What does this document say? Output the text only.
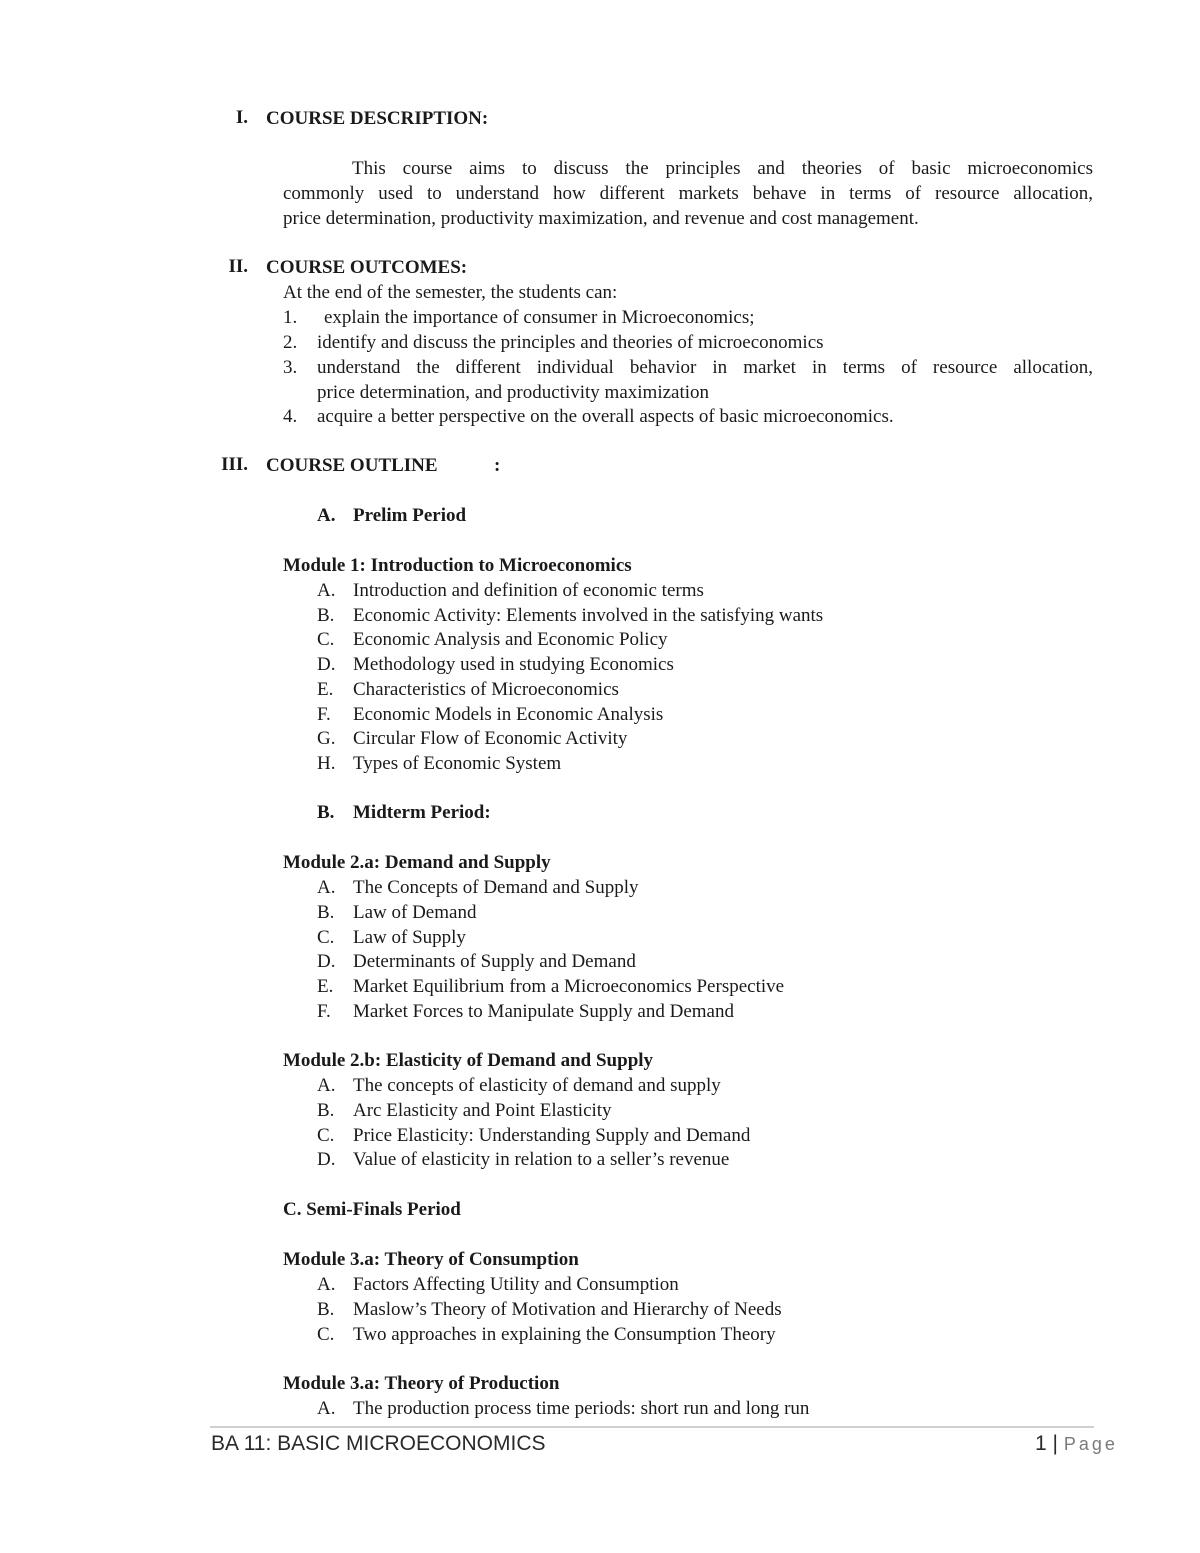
I. COURSE DESCRIPTION:
This course aims to discuss the principles and theories of basic microeconomics
commonly used to understand how different markets behave in terms of resource allocation,
price determination, productivity maximization, and revenue and cost management.
II. COURSE OUTCOMES:
At the end of the semester, the students can:
1. explain the importance of consumer in Microeconomics;
2. identify and discuss the principles and theories of microeconomics
3. understand the different individual behavior in market in terms of resource allocation,
price determination, and productivity maximization
4. acquire a better perspective on the overall aspects of basic microeconomics.
III. COURSE OUTLINE	:
A. Prelim Period
Module 1: Introduction to Microeconomics
A. Introduction and definition of economic terms
B. Economic Activity: Elements involved in the satisfying wants
C. Economic Analysis and Economic Policy
D. Methodology used in studying Economics
E. Characteristics of Microeconomics
F. Economic Models in Economic Analysis
G. Circular Flow of Economic Activity
H. Types of Economic System
B. Midterm Period:
Module 2.a: Demand and Supply
A. The Concepts of Demand and Supply
B. Law of Demand
C. Law of Supply
D. Determinants of Supply and Demand
E. Market Equilibrium from a Microeconomics Perspective
F. Market Forces to Manipulate Supply and Demand
Module 2.b: Elasticity of Demand and Supply
A. The concepts of elasticity of demand and supply
B. Arc Elasticity and Point Elasticity
C. Price Elasticity: Understanding Supply and Demand
D. Value of elasticity in relation to a seller’s revenue
C. Semi-Finals Period
Module 3.a: Theory of Consumption
A. Factors Affecting Utility and Consumption
B. Maslow’s Theory of Motivation and Hierarchy of Needs
C. Two approaches in explaining the Consumption Theory
Module 3.a: Theory of Production
A. The production process time periods: short run and long run
BA 11: BASIC MICROECONOMICS	1 | Page
